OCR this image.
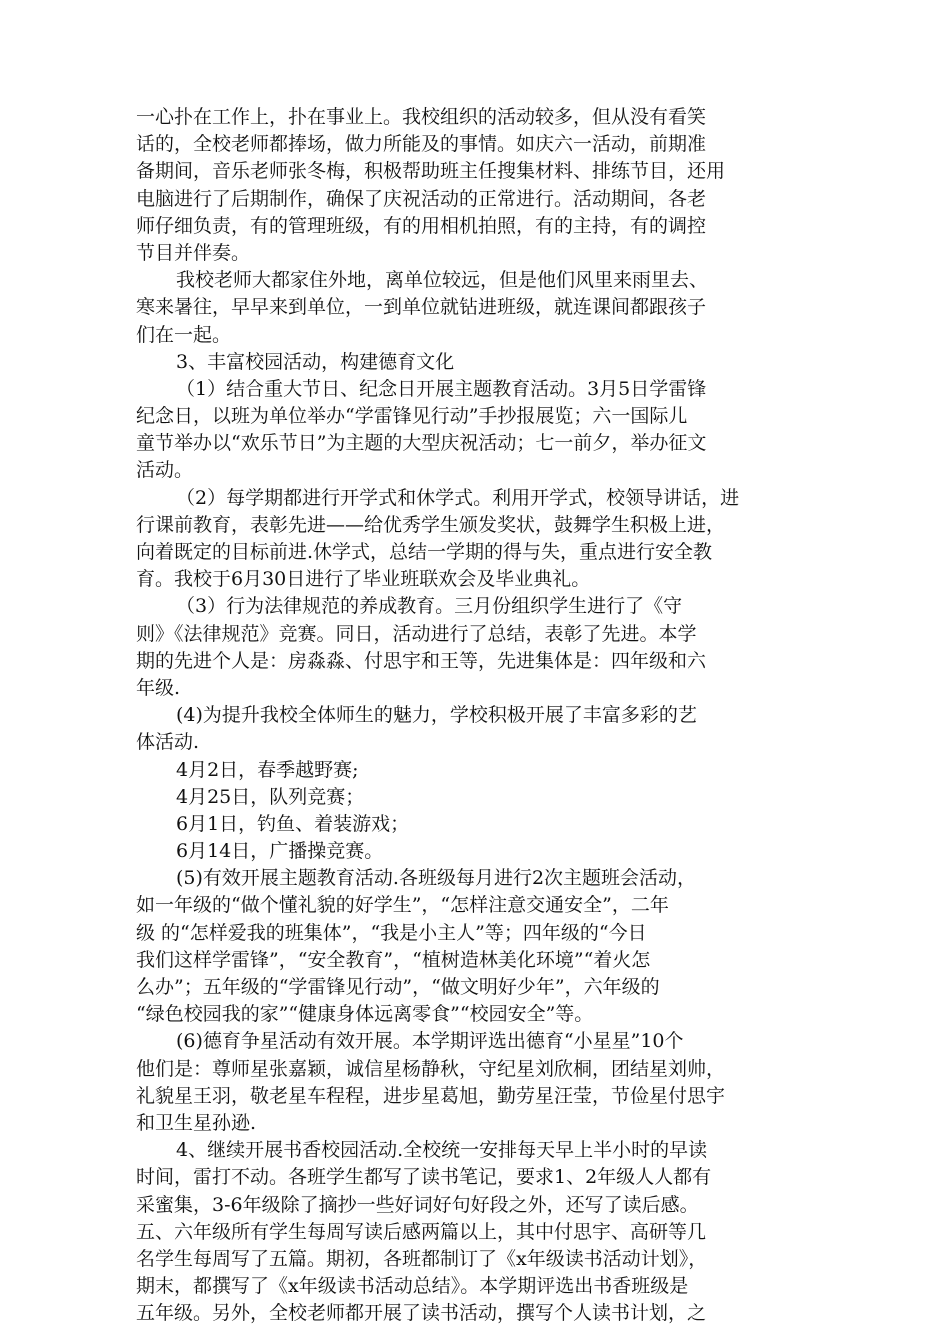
一心扑在工作上，扑在事业上。我校组织的活动较多，但从没有看笑
话的，全校老师都捧场，做力所能及的事情。如庆六一活动，前期准
备期间，音乐老师张冬梅，积极帮助班主任搜集材料、排练节目，还用
电脑进行了后期制作，确保了庆祝活动的正常进行。活动期间，各老
师仔细负责，有的管理班级，有的用相机拍照，有的主持，有的调控
节目并伴奏。
我校老师大都家住外地，离单位较远，但是他们风里来雨里去、
寒来暑往，早早来到单位，一到单位就钻进班级，就连课间都跟孩子
们在一起。
3、丰富校园活动，构建德育文化
（1）结合重大节日、纪念日开展主题教育活动。3月5日学雷锋
纪念日，以班为单位举办“学雷锋见行动”手抄报展览；六一国际儿
童节举办以“欢乐节日”为主题的大型庆祝活动；七一前夕，举办征文
活动。
（2）每学期都进行开学式和休学式。利用开学式，校领导讲话，进
行课前教育，表彰先进——给优秀学生颁发奖状，鼓舞学生积极上进，
向着既定的目标前进.休学式，总结一学期的得与失，重点进行安全教
育。我校于6月30日进行了毕业班联欢会及毕业典礼。
（3）行为法律规范的养成教育。三月份组织学生进行了《守
则》《法律规范》竞赛。同日，活动进行了总结，表彰了先进。本学
期的先进个人是：房淼淼、付思宇和王等，先进集体是：四年级和六
年级.
(4)为提升我校全体师生的魅力，学校积极开展了丰富多彩的艺
体活动.
4月2日，春季越野赛;
4月25日，队列竞赛；
6月1日，钓鱼、着装游戏；
6月14日，广播操竞赛。
(5)有效开展主题教育活动.各班级每月进行2次主题班会活动，
如一年级的“做个懂礼貌的好学生”，“怎样注意交通安全”，二年
级 的“怎样爱我的班集体”，“我是小主人”等；四年级的“今日
我们这样学雷锋”，“安全教育”，“植树造林美化环境”“着火怎
么办”；五年级的“学雷锋见行动”，“做文明好少年”，六年级的
“绿色校园我的家”“健康身体远离零食”“校园安全”等。
(6)德育争星活动有效开展。本学期评选出德育“小星星”10个
他们是：尊师星张嘉颖，诚信星杨静秋，守纪星刘欣桐，团结星刘帅，
礼貌星王羽，敬老星车程程，进步星葛旭，勤劳星汪莹，节俭星付思宇
和卫生星孙逊.
4、继续开展书香校园活动.全校统一安排每天早上半小时的早读
时间，雷打不动。各班学生都写了读书笔记，要求1、2年级人人都有
采蜜集，3-6年级除了摘抄一些好词好句好段之外，还写了读后感。
五、六年级所有学生每周写读后感两篇以上，其中付思宇、高研等几
名学生每周写了五篇。期初，各班都制订了《x年级读书活动计划》，
期末，都撰写了《x年级读书活动总结》。本学期评选出书香班级是
五年级。另外，全校老师都开展了读书活动，撰写个人读书计划，之
